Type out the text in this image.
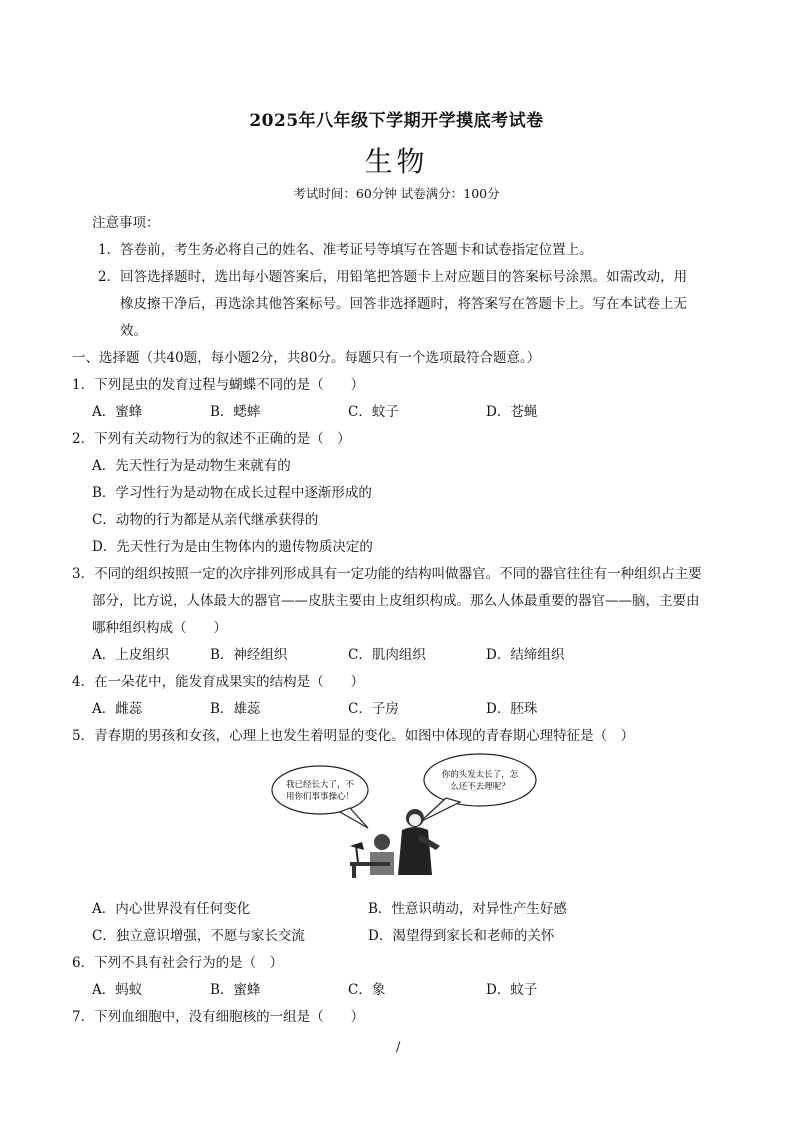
2025年八年级下学期开学摸底考试卷
生物
考试时间：60分钟 试卷满分：100分
注意事项：
1．答卷前，考生务必将自己的姓名、准考证号等填写在答题卡和试卷指定位置上。
2．回答选择题时，选出每小题答案后，用铅笔把答题卡上对应题目的答案标号涂黑。如需改动，用
橡皮擦干净后，再选涂其他答案标号。回答非选择题时，将答案写在答题卡上。写在本试卷上无
效。
一、选择题（共40题，每小题2分，共80分。每题只有一个选项最符合题意。）
1．下列昆虫的发育过程与蝴蝶不同的是（　　）
A．蜜蜂	B．蟋蟀	C．蚊子	D．苍蝇
2．下列有关动物行为的叙述不正确的是（　）
A．先天性行为是动物生来就有的
B．学习性行为是动物在成长过程中逐渐形成的
C．动物的行为都是从亲代继承获得的
D．先天性行为是由生物体内的遗传物质决定的
3．不同的组织按照一定的次序排列形成具有一定功能的结构叫做器官。不同的器官往往有一种组织占主要
部分，比方说，人体最大的器官——皮肤主要由上皮组织构成。那么人体最重要的器官——脑，主要由
哪种组织构成（　　）
A．上皮组织	B．神经组织	C．肌肉组织	D．结缔组织
4．在一朵花中，能发育成果实的结构是（　　）
A．雌蕊	B．雄蕊	C．子房	D．胚珠
5．青春期的男孩和女孩，心理上也发生着明显的变化。如图中体现的青春期心理特征是（　）
我已经长大了，不
用你们事事操心！
你的头发太长了，怎
么还不去理呢？
A．内心世界没有任何变化	B．性意识萌动，对异性产生好感
C．独立意识增强，不愿与家长交流	D．渴望得到家长和老师的关怀
6．下列不具有社会行为的是（　）
A．蚂蚁	B．蜜蜂	C．象	D．蚊子
7．下列血细胞中，没有细胞核的一组是（　　）
/
